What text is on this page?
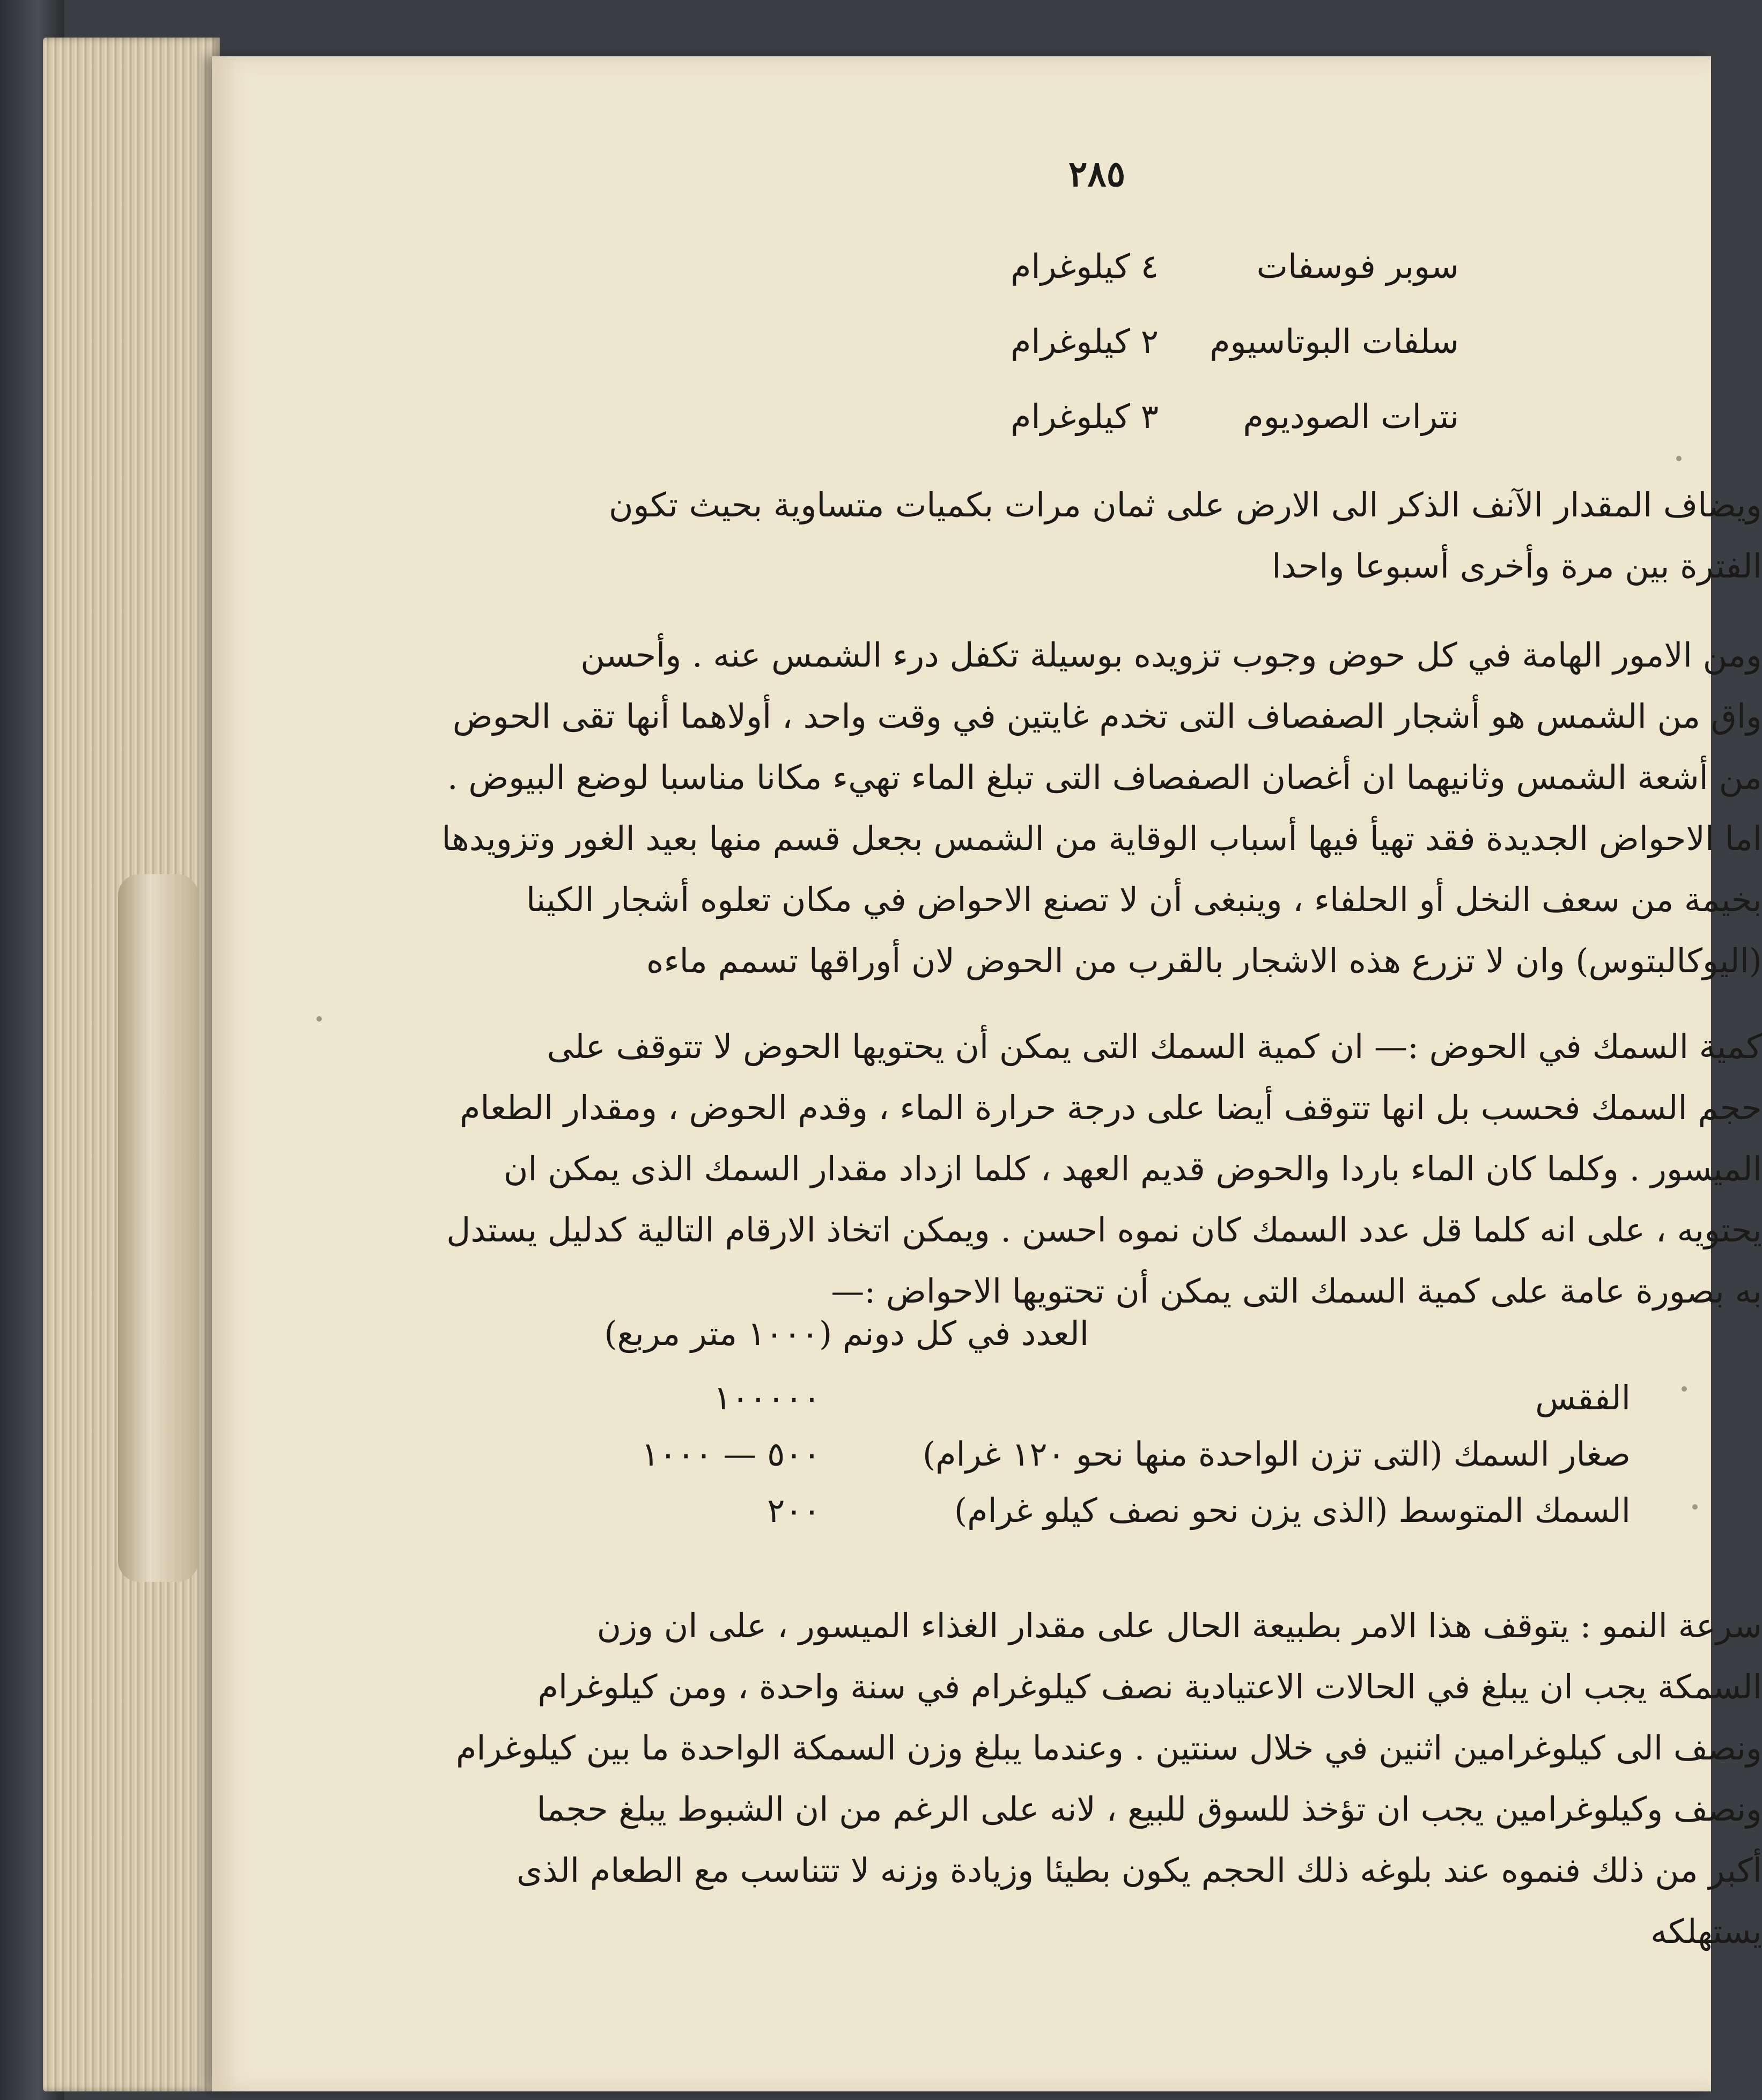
٢٨٥
سوبر فوسفات
٤ كيلوغرام
سلفات البوتاسيوم
٢ كيلوغرام
نترات الصوديوم
٣ كيلوغرام
ويضاف المقدار الآنف الذكر الى الارض على ثمان مرات بكميات متساوية بحيث تكون
الفترة بين مرة وأخرى أسبوعا واحدا
ومن الامور الهامة في كل حوض وجوب تزويده بوسيلة تكفل درء الشمس عنه . وأحسن
واق من الشمس هو أشجار الصفصاف التى تخدم غايتين في وقت واحد ، أولاهما أنها تقى الحوض
من أشعة الشمس وثانيهما ان أغصان الصفصاف التى تبلغ الماء تهيء مكانا مناسبا لوضع البيوض .
اما الاحواض الجديدة فقد تهيأ فيها أسباب الوقاية من الشمس بجعل قسم منها بعيد الغور وتزويدها
بخيمة من سعف النخل أو الحلفاء ، وينبغى أن لا تصنع الاحواض في مكان تعلوه أشجار الكينا
(اليوكالبتوس) وان لا تزرع هذه الاشجار بالقرب من الحوض لان أوراقها تسمم ماءه
كمية السمك في الحوض :— ان كمية السمك التى يمكن أن يحتويها الحوض لا تتوقف على
حجم السمك فحسب بل انها تتوقف أيضا على درجة حرارة الماء ، وقدم الحوض ، ومقدار الطعام
الميسور . وكلما كان الماء باردا والحوض قديم العهد ، كلما ازداد مقدار السمك الذى يمكن ان
يحتويه ، على انه كلما قل عدد السمك كان نموه احسن . ويمكن اتخاذ الارقام التالية كدليل يستدل
به بصورة عامة على كمية السمك التى يمكن أن تحتويها الاحواض :—
العدد في كل دونم (١٠٠٠ متر مربع)
الفقس
١٠٠٠٠٠
صغار السمك (التى تزن الواحدة منها نحو ١٢٠ غرام)
٥٠٠ — ١٠٠٠
السمك المتوسط (الذى يزن نحو نصف كيلو غرام)
٢٠٠
سرعة النمو : يتوقف هذا الامر بطبيعة الحال على مقدار الغذاء الميسور ، على ان وزن
السمكة يجب ان يبلغ في الحالات الاعتيادية نصف كيلوغرام في سنة واحدة ، ومن كيلوغرام
ونصف الى كيلوغرامين اثنين في خلال سنتين . وعندما يبلغ وزن السمكة الواحدة ما بين كيلوغرام
ونصف وكيلوغرامين يجب ان تؤخذ للسوق للبيع ، لانه على الرغم من ان الشبوط يبلغ حجما
أكبر من ذلك فنموه عند بلوغه ذلك الحجم يكون بطيئا وزيادة وزنه لا تتناسب مع الطعام الذى
يستهلكه
